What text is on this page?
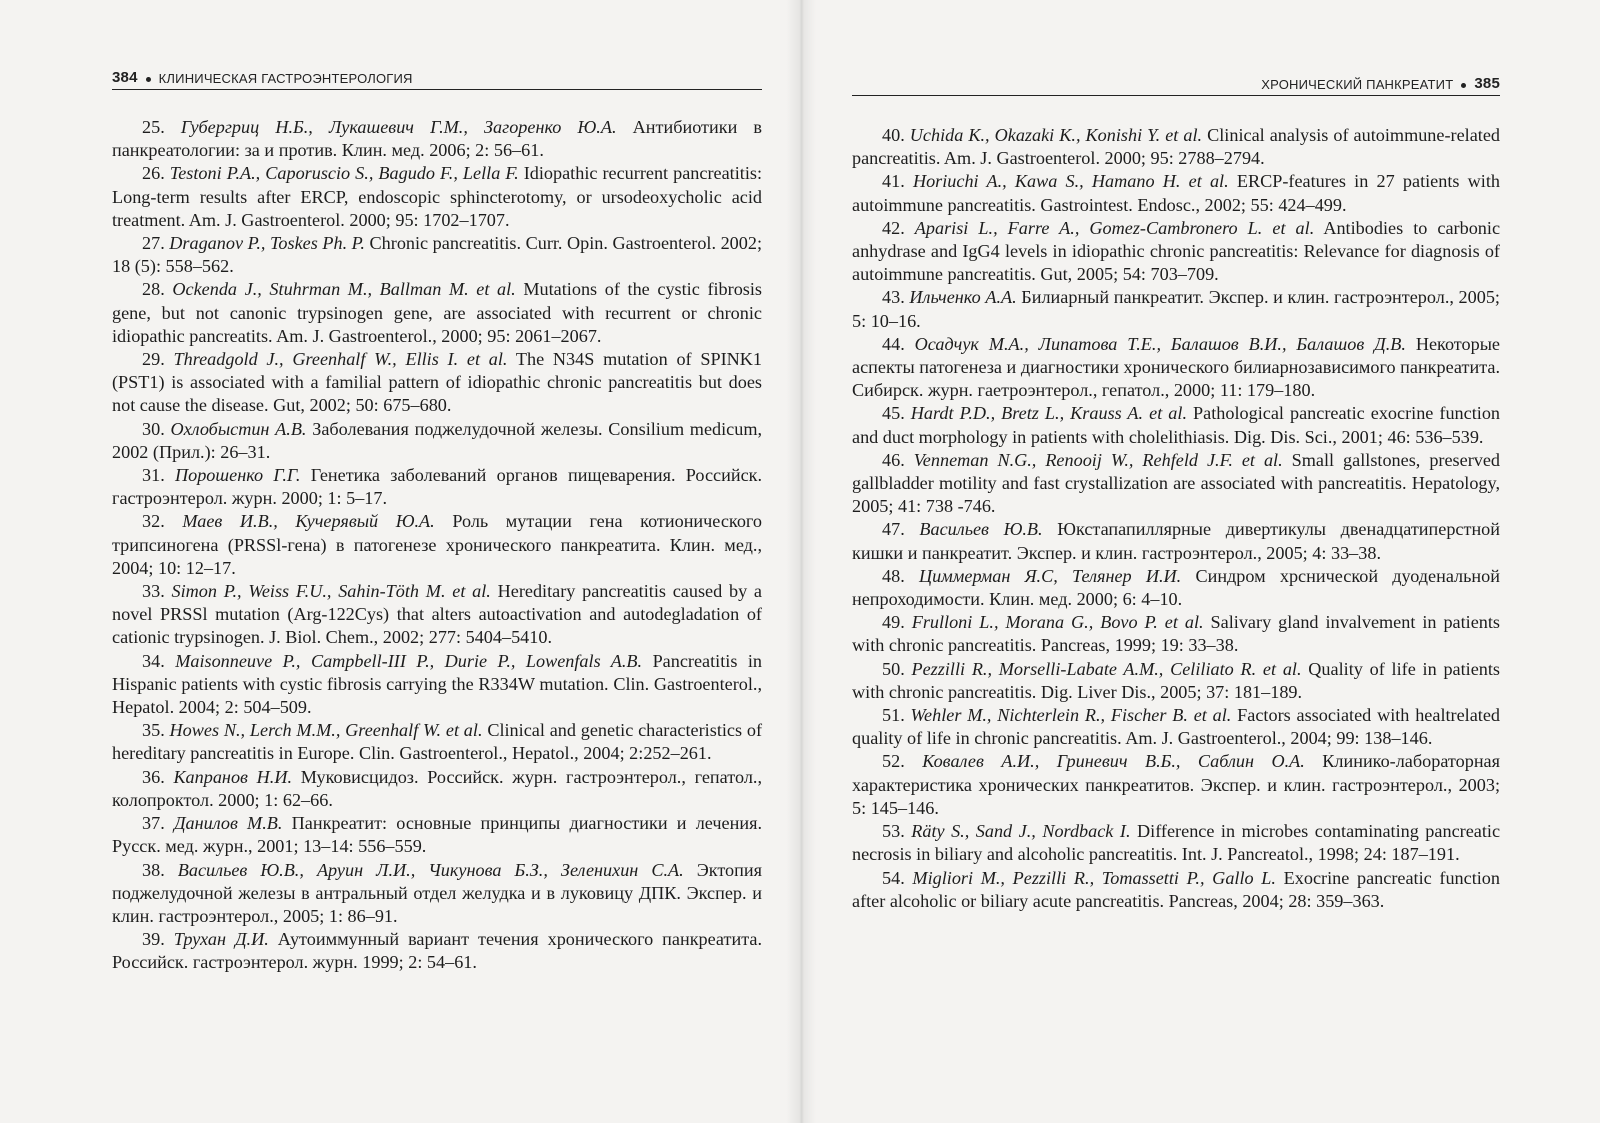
384 КЛИНИЧЕСКАЯ ГАСТРОЭНТЕРОЛОГИЯ

25. Губергриц Н.Б., Лукашевич Г.М., Загоренко Ю.А. Антибиотики в панкреатологии: за и против. Клин. мед. 2006; 2: 56–61.

26. Testoni P.A., Caporuscio S., Bagudo F., Lella F. Idiopathic recurrent pancreatitis: Long-term results after ERCP, endoscopic sphincterotomy, or ursodeoxycholic acid treatment. Am. J. Gastroenterol. 2000; 95: 1702–1707.

27. Draganov P., Toskes Ph. P. Chronic pancreatitis. Curr. Opin. Gastroenterol. 2002; 18 (5): 558–562.

28. Ockenda J., Stuhrman M., Ballman M. et al. Mutations of the cystic fibrosis gene, but not canonic trypsinogen gene, are associated with recurrent or chronic idiopathic pancreatits. Am. J. Gastroenterol., 2000; 95: 2061–2067.

29. Threadgold J., Greenhalf W., Ellis I. et al. The N34S mutation of SPINK1 (PST1) is associated with a familial pattern of idiopathic chronic pancreatitis but does not cause the disease. Gut, 2002; 50: 675–680.

30. Охлобыстин А.В. Заболевания поджелудочной железы. Consilium medicum, 2002 (Прил.): 26–31.

31. Порошенко Г.Г. Генетика заболеваний органов пищеварения. Российск. гастроэнтерол. журн. 2000; 1: 5–17.

32. Маев И.В., Кучерявый Ю.А. Роль мутации гена котионического трипсиногена (PRSSl-гена) в патогенезе хронического панкреатита. Клин. мед., 2004; 10: 12–17.

33. Simon P., Weiss F.U., Sahin-Töth M. et al. Hereditary pancreatitis caused by a novel PRSSl mutation (Arg-122Cys) that alters autoactivation and autodegladation of cationic trypsinogen. J. Biol. Chem., 2002; 277: 5404–5410.

34. Maisonneuve P., Campbell-III P., Durie P., Lowenfals A.B. Pancreatitis in Hispanic patients with cystic fibrosis carrying the R334W mutation. Clin. Gastroenterol., Hepatol. 2004; 2: 504–509.

35. Howes N., Lerch M.M., Greenhalf W. et al. Clinical and genetic characteristics of hereditary pancreatitis in Europe. Clin. Gastroenterol., Hepatol., 2004; 2:252–261.

36. Капранов Н.И. Муковисцидоз. Российск. журн. гастроэнтерол., гепатол., колопроктол. 2000; 1: 62–66.

37. Данилов М.В. Панкреатит: основные принципы диагностики и лечения. Русск. мед. журн., 2001; 13–14: 556–559.

38. Васильев Ю.В., Аруин Л.И., Чикунова Б.З., Зеленихин С.А. Эктопия поджелудочной железы в антральный отдел желудка и в луковицу ДПК. Экспер. и клин. гастроэнтерол., 2005; 1: 86–91.

39. Трухан Д.И. Аутоиммунный вариант течения хронического панкреатита. Российск. гастроэнтерол. журн. 1999; 2: 54–61.

ХРОНИЧЕСКИЙ ПАНКРЕАТИТ 385

40. Uchida K., Okazaki K., Konishi Y. et al. Clinical analysis of autoimmune-related pancreatitis. Am. J. Gastroenterol. 2000; 95: 2788–2794.

41. Horiuchi A., Kawa S., Hamano H. et al. ERCP-features in 27 patients with autoimmune pancreatitis. Gastrointest. Endosc., 2002; 55: 424–499.

42. Aparisi L., Farre A., Gomez-Cambronero L. et al. Antibodies to carbonic anhydrase and IgG4 levels in idiopathic chronic pancreatitis: Relevance for diagnosis of autoimmune pancreatitis. Gut, 2005; 54: 703–709.

43. Ильченко А.А. Билиарный панкреатит. Экспер. и клин. гастроэнтерол., 2005; 5: 10–16.

44. Осадчук М.А., Липатова Т.Е., Балашов В.И., Балашов Д.В. Некоторые аспекты патогенеза и диагностики хронического билиарнозависимого панкреатита. Сибирск. журн. гаетроэнтерол., гепатол., 2000; 11: 179–180.

45. Hardt P.D., Bretz L., Krauss A. et al. Pathological pancreatic exocrine function and duct morphology in patients with cholelithiasis. Dig. Dis. Sci., 2001; 46: 536–539.

46. Venneman N.G., Renooij W., Rehfeld J.F. et al. Small gallstones, preserved gallbladder motility and fast crystallization are associated with pancreatitis. Hepatology, 2005; 41: 738 -746.

47. Васильев Ю.В. Юкстапапиллярные дивертикулы двенадцатиперстной кишки и панкреатит. Экспер. и клин. гастроэнтерол., 2005; 4: 33–38.

48. Циммерман Я.С, Телянер И.И. Синдром хрснической дуоденальной непроходимости. Клин. мед. 2000; 6: 4–10.

49. Frulloni L., Morana G., Bovo P. et al. Salivary gland invalvement in patients with chronic pancreatitis. Pancreas, 1999; 19: 33–38.

50. Pezzilli R., Morselli-Labate A.M., Celiliato R. et al. Quality of life in patients with chronic pancreatitis. Dig. Liver Dis., 2005; 37: 181–189.

51. Wehler M., Nichterlein R., Fischer B. et al. Factors associated with healtrelated quality of life in chronic pancreatitis. Am. J. Gastroenterol., 2004; 99: 138–146.

52. Ковалев А.И., Гриневич В.Б., Саблин О.А. Клинико-лабораторная характеристика хронических панкреатитов. Экспер. и клин. гастроэнтерол., 2003; 5: 145–146.

53. Räty S., Sand J., Nordback I. Difference in microbes contaminating pancreatic necrosis in biliary and alcoholic pancreatitis. Int. J. Pancreatol., 1998; 24: 187–191.

54. Migliori M., Pezzilli R., Tomassetti P., Gallo L. Exocrine pancreatic function after alcoholic or biliary acute pancreatitis. Pancreas, 2004; 28: 359–363.
